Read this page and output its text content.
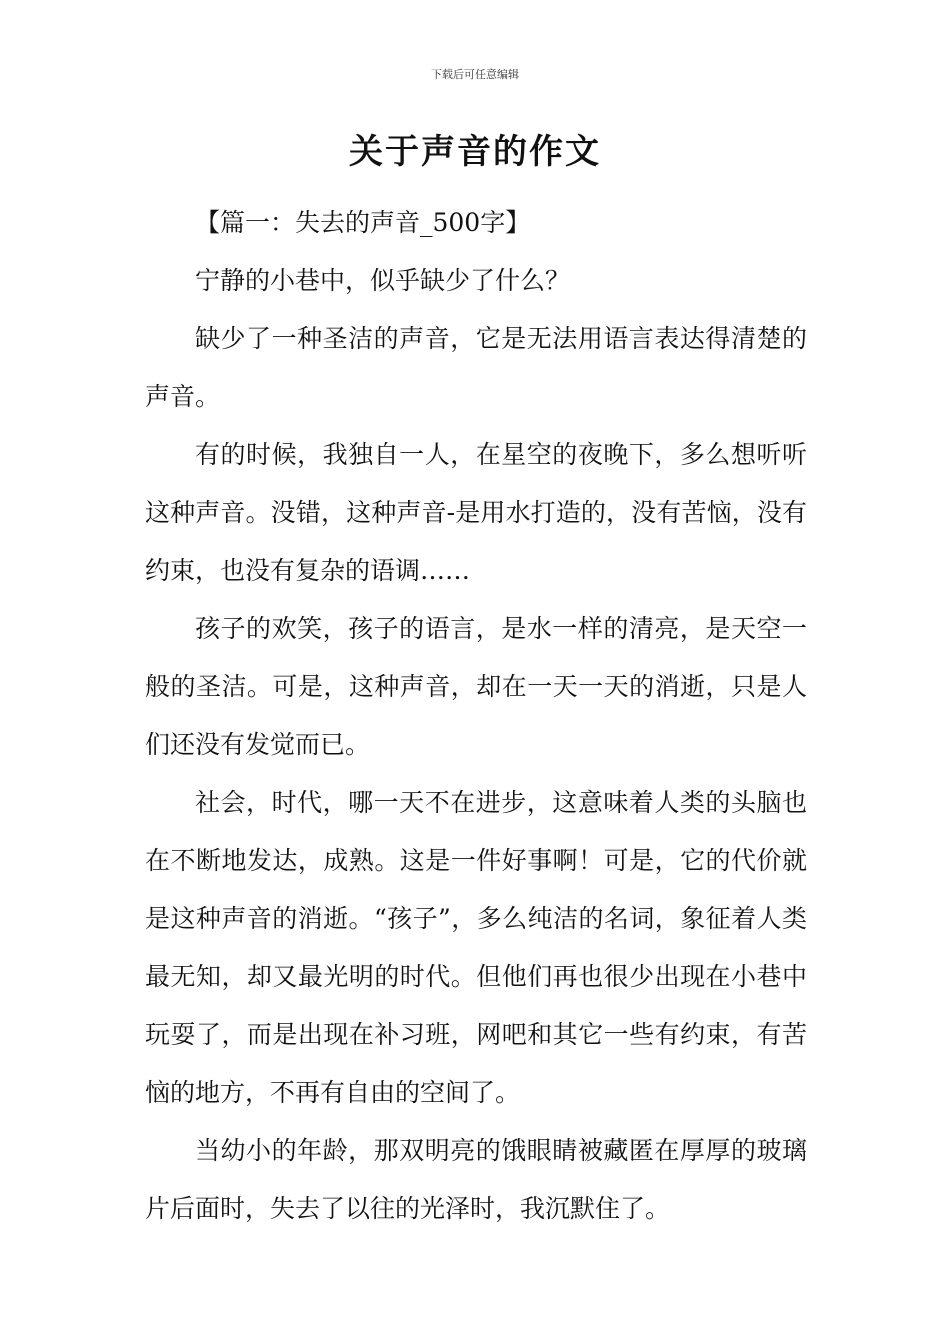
下载后可任意编辑
关于声音的作文

【篇一：失去的声音_500字】

宁静的小巷中，似乎缺少了什么？

缺少了一种圣洁的声音，它是无法用语言表达得清楚的声音。

有的时候，我独自一人，在星空的夜晚下，多么想听听这种声音。没错，这种声音-是用水打造的，没有苦恼，没有约束，也没有复杂的语调……

孩子的欢笑，孩子的语言，是水一样的清亮，是天空一般的圣洁。可是，这种声音，却在一天一天的消逝，只是人们还没有发觉而已。

社会，时代，哪一天不在进步，这意味着人类的头脑也在不断地发达，成熟。这是一件好事啊！可是，它的代价就是这种声音的消逝。“孩子”，多么纯洁的名词，象征着人类最无知，却又最光明的时代。但他们再也很少出现在小巷中玩耍了，而是出现在补习班，网吧和其它一些有约束，有苦恼的地方，不再有自由的空间了。

当幼小的年龄，那双明亮的饿眼睛被藏匿在厚厚的玻璃片后面时，失去了以往的光泽时，我沉默住了。
